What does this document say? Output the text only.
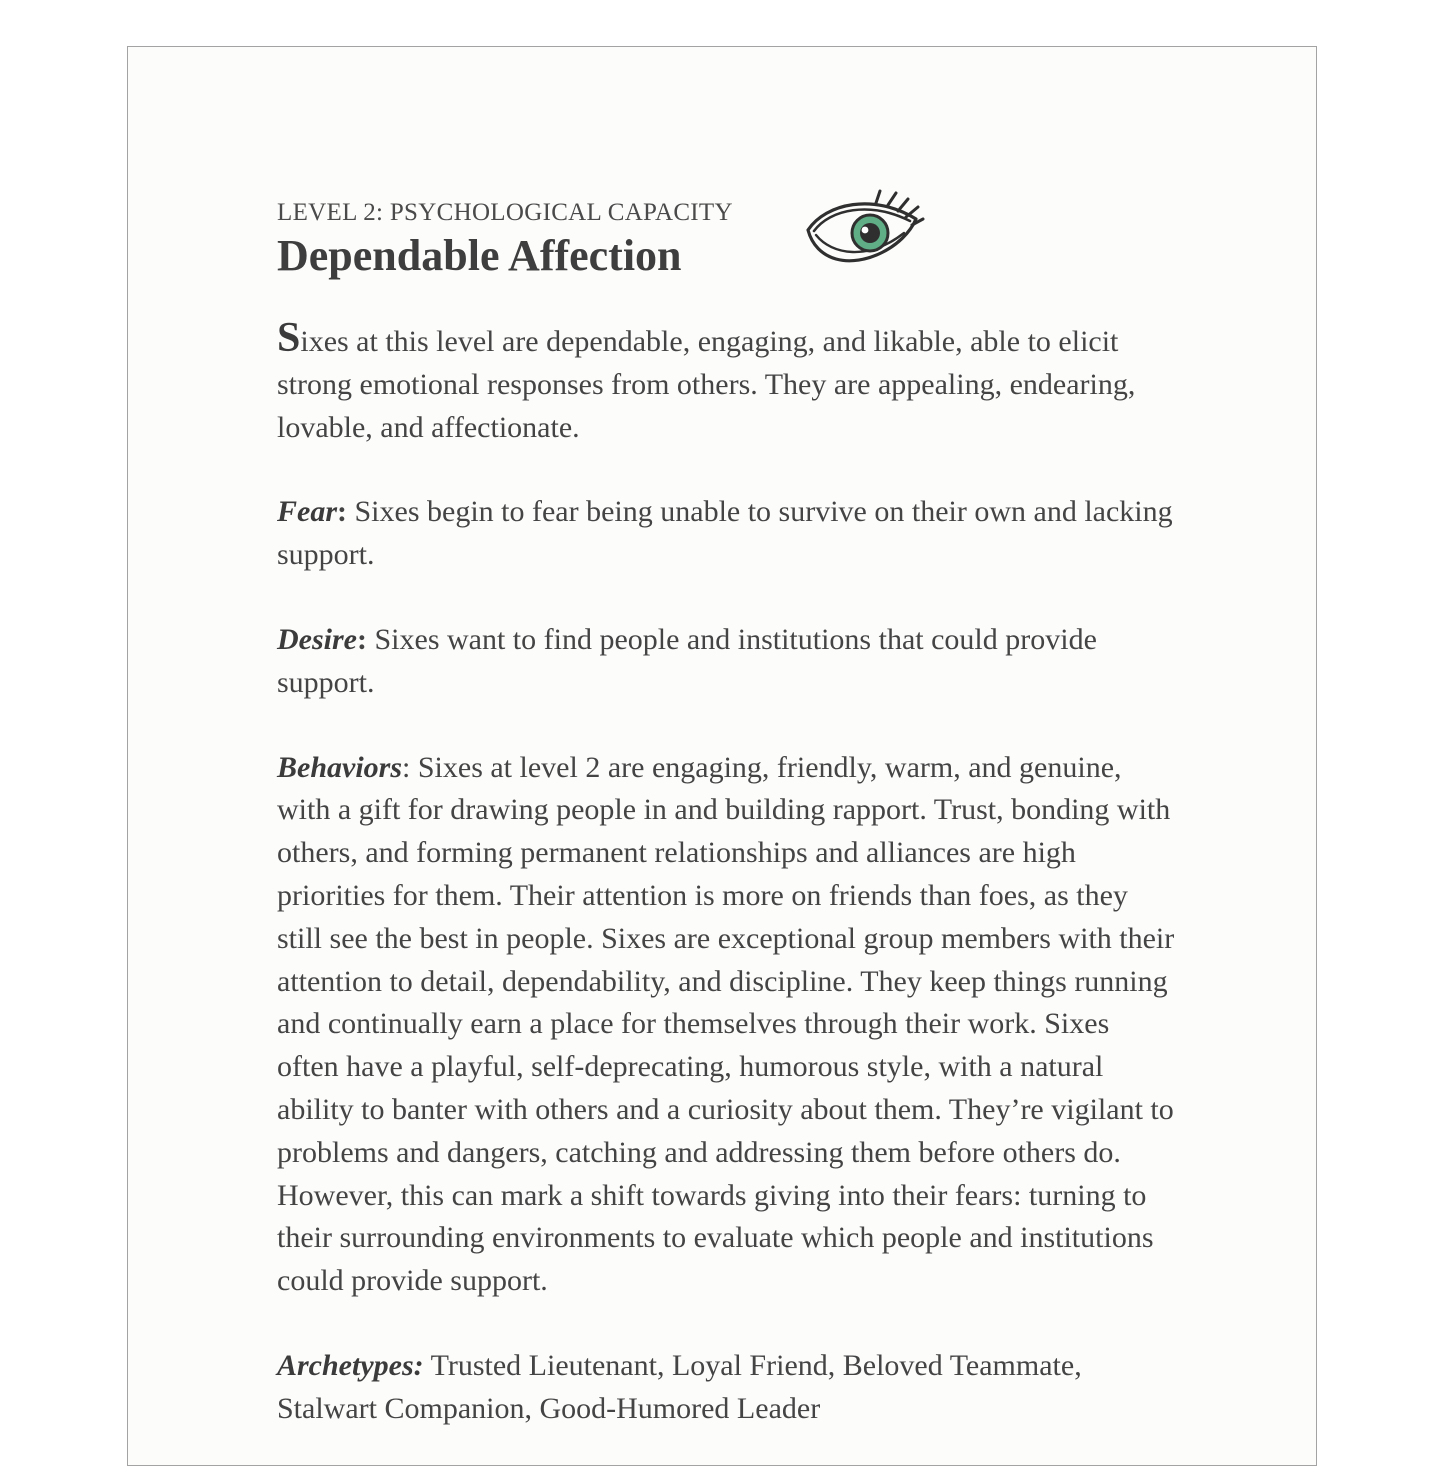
LEVEL 2: PSYCHOLOGICAL CAPACITY

Dependable Affection

Sixes at this level are dependable, engaging, and likable, able to elicit strong emotional responses from others. They are appealing, endearing, lovable, and affectionate.

Fear: Sixes begin to fear being unable to survive on their own and lacking support.

Desire: Sixes want to find people and institutions that could provide support.

Behaviors: Sixes at level 2 are engaging, friendly, warm, and genuine, with a gift for drawing people in and building rapport. Trust, bonding with others, and forming permanent relationships and alliances are high priorities for them. Their attention is more on friends than foes, as they still see the best in people. Sixes are exceptional group members with their attention to detail, dependability, and discipline. They keep things running and continually earn a place for themselves through their work. Sixes often have a playful, self-deprecating, humorous style, with a natural ability to banter with others and a curiosity about them. They’re vigilant to problems and dangers, catching and addressing them before others do. However, this can mark a shift towards giving into their fears: turning to their surrounding environments to evaluate which people and institutions could provide support.

Archetypes: Trusted Lieutenant, Loyal Friend, Beloved Teammate, Stalwart Companion, Good-Humored Leader
